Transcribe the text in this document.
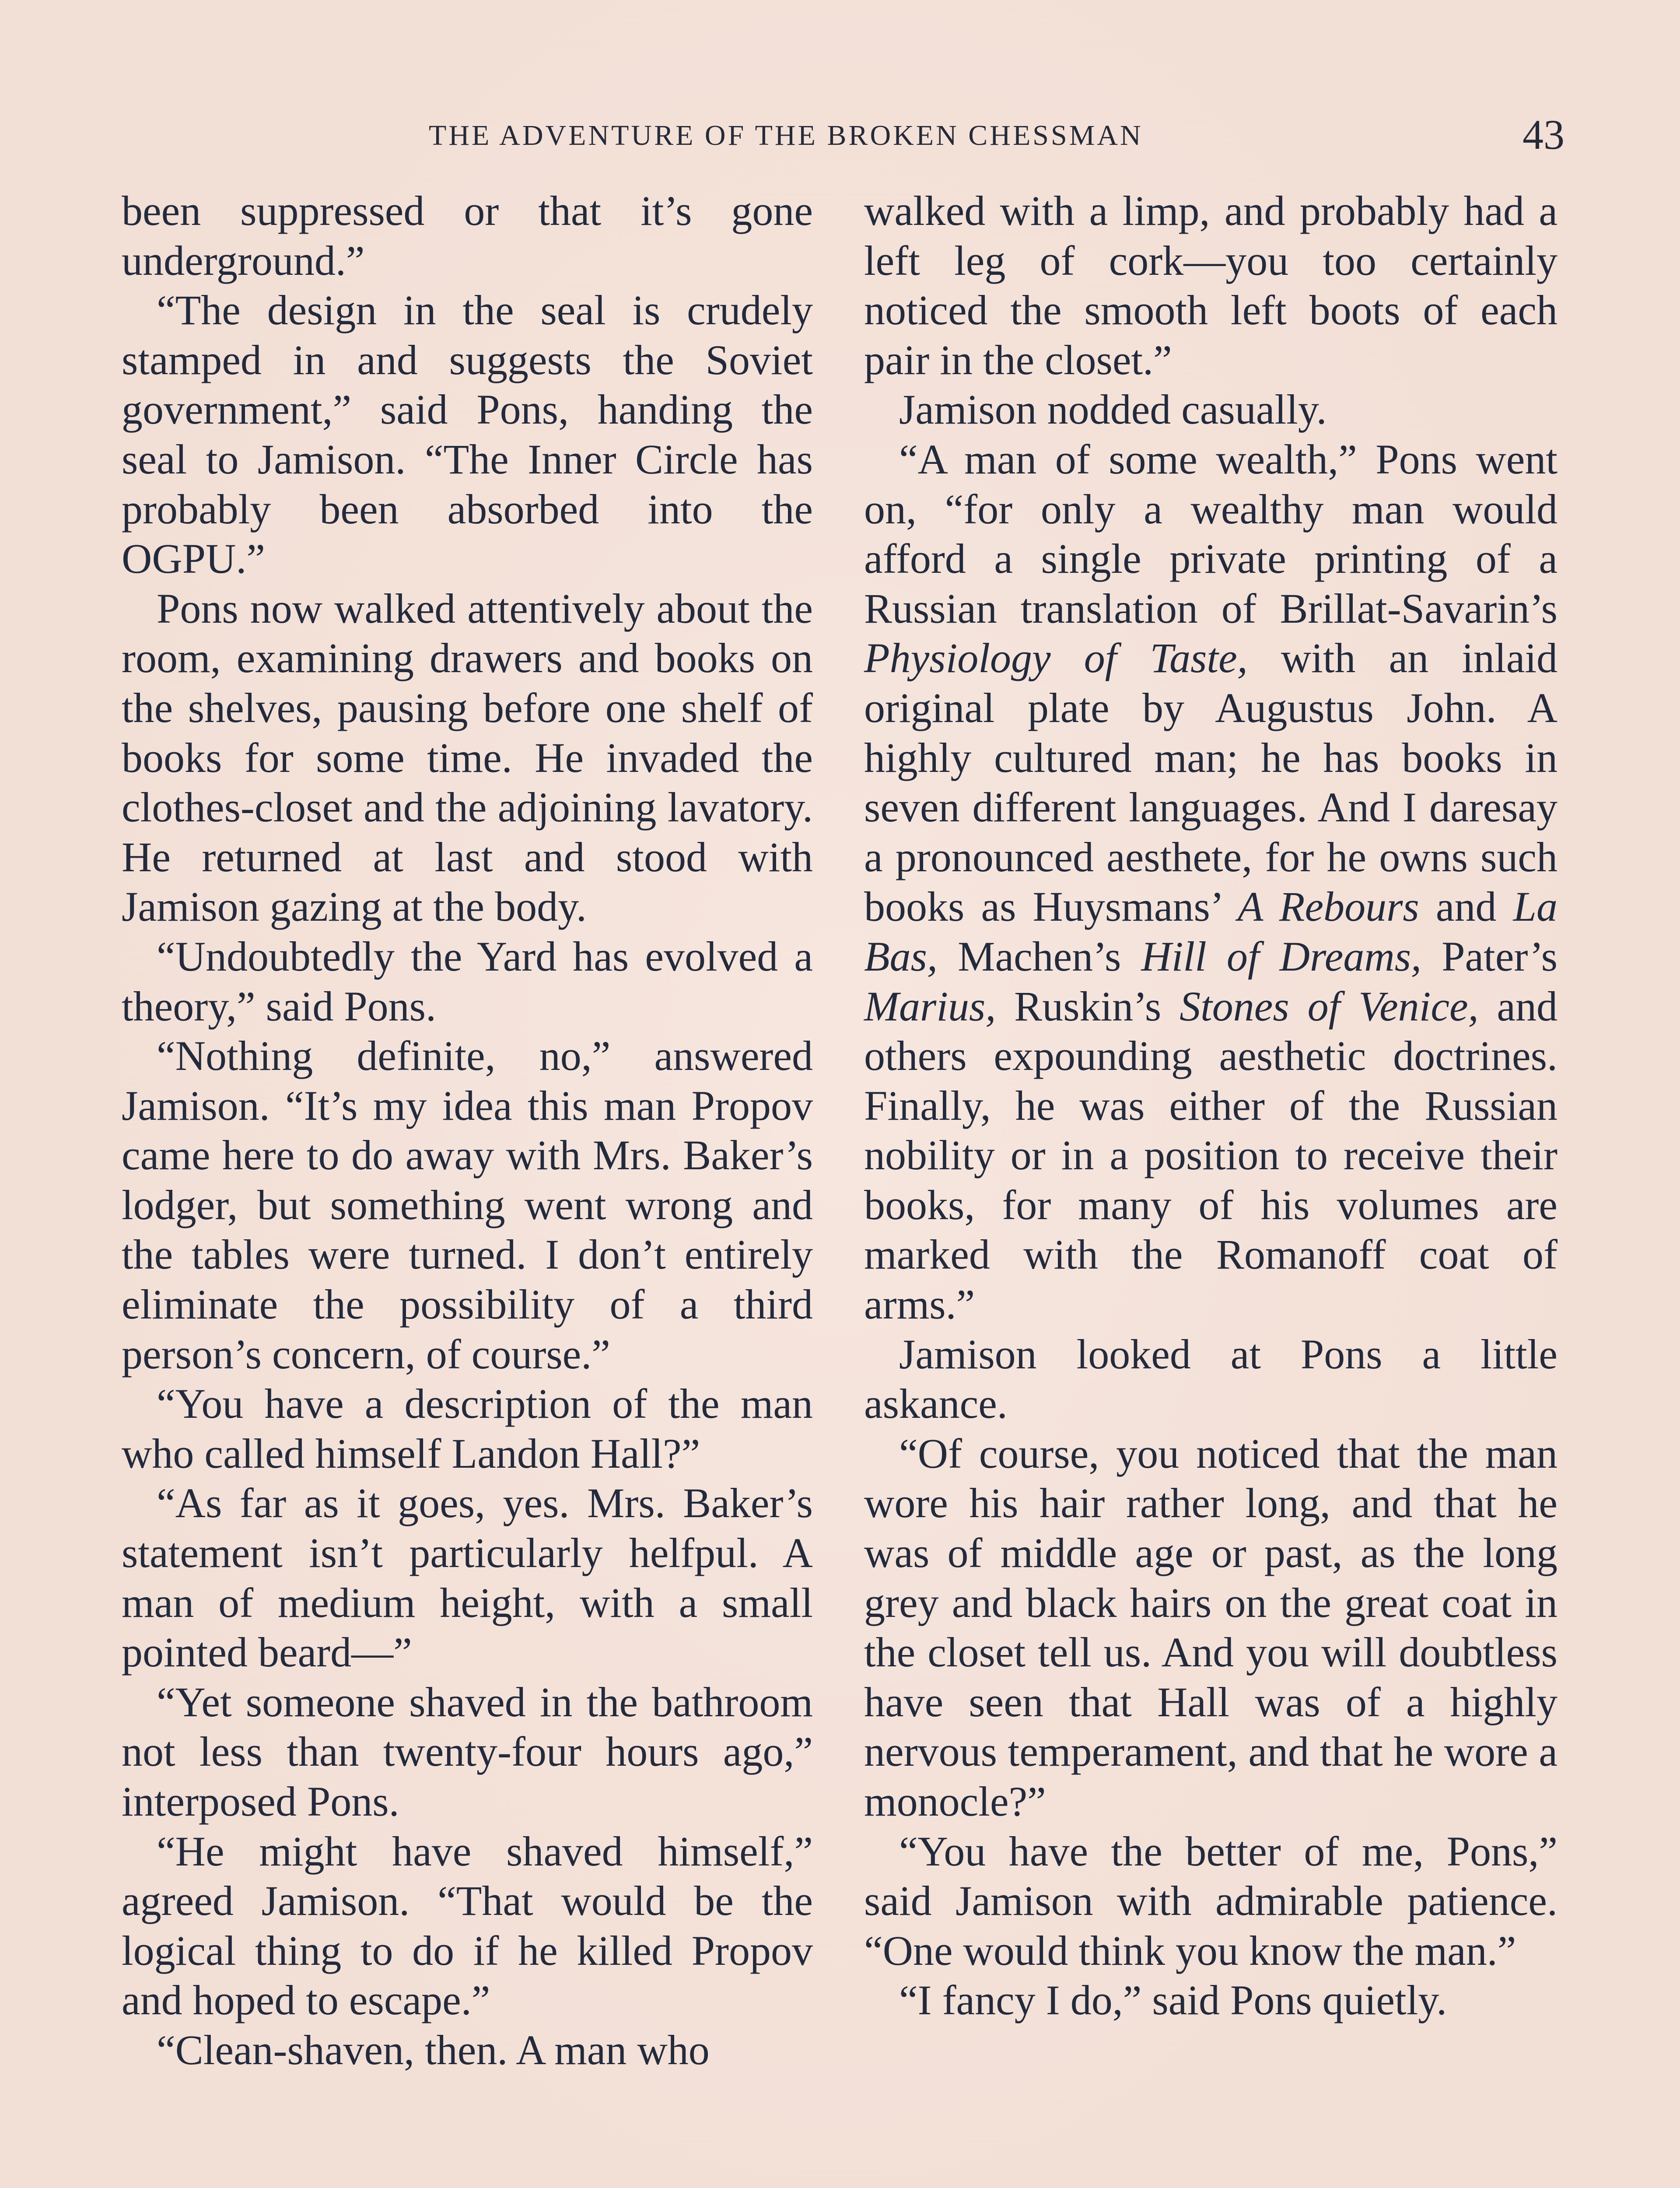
THE ADVENTURE OF THE BROKEN CHESSMAN	43

been suppressed or that it’s gone underground.”

“The design in the seal is crudely stamped in and suggests the Soviet government,” said Pons, handing the seal to Jamison. “The Inner Circle has probably been absorbed into the OGPU.”

Pons now walked attentively about the room, examining drawers and books on the shelves, pausing before one shelf of books for some time. He invaded the clothes-closet and the adjoining lavatory. He returned at last and stood with Jamison gazing at the body.

“Undoubtedly the Yard has evolved a theory,” said Pons.

“Nothing definite, no,” answered Jamison. “It’s my idea this man Propov came here to do away with Mrs. Baker’s lodger, but something went wrong and the tables were turned. I don’t entirely eliminate the possibility of a third person’s concern, of course.”

“You have a description of the man who called himself Landon Hall?”

“As far as it goes, yes. Mrs. Baker’s statement isn’t particularly helfpul. A man of medium height, with a small pointed beard—”

“Yet someone shaved in the bathroom not less than twenty-four hours ago,” interposed Pons.

“He might have shaved himself,” agreed Jamison. “That would be the logical thing to do if he killed Propov and hoped to escape.”

“Clean-shaven, then. A man who

walked with a limp, and probably had a left leg of cork—you too certainly noticed the smooth left boots of each pair in the closet.”

Jamison nodded casually.

“A man of some wealth,” Pons went on, “for only a wealthy man would afford a single private printing of a Russian translation of Brillat-Savarin’s Physiology of Taste, with an inlaid original plate by Augustus John. A highly cultured man; he has books in seven different languages. And I daresay a pronounced aesthete, for he owns such books as Huysmans’ A Rebours and La Bas, Machen’s Hill of Dreams, Pater’s Marius, Ruskin’s Stones of Venice, and others expounding aesthetic doctrines. Finally, he was either of the Russian nobility or in a position to receive their books, for many of his volumes are marked with the Romanoff coat of arms.”

Jamison looked at Pons a little askance.

“Of course, you noticed that the man wore his hair rather long, and that he was of middle age or past, as the long grey and black hairs on the great coat in the closet tell us. And you will doubtless have seen that Hall was of a highly nervous temperament, and that he wore a monocle?”

“You have the better of me, Pons,” said Jamison with admirable patience. “One would think you know the man.”

“I fancy I do,” said Pons quietly.
